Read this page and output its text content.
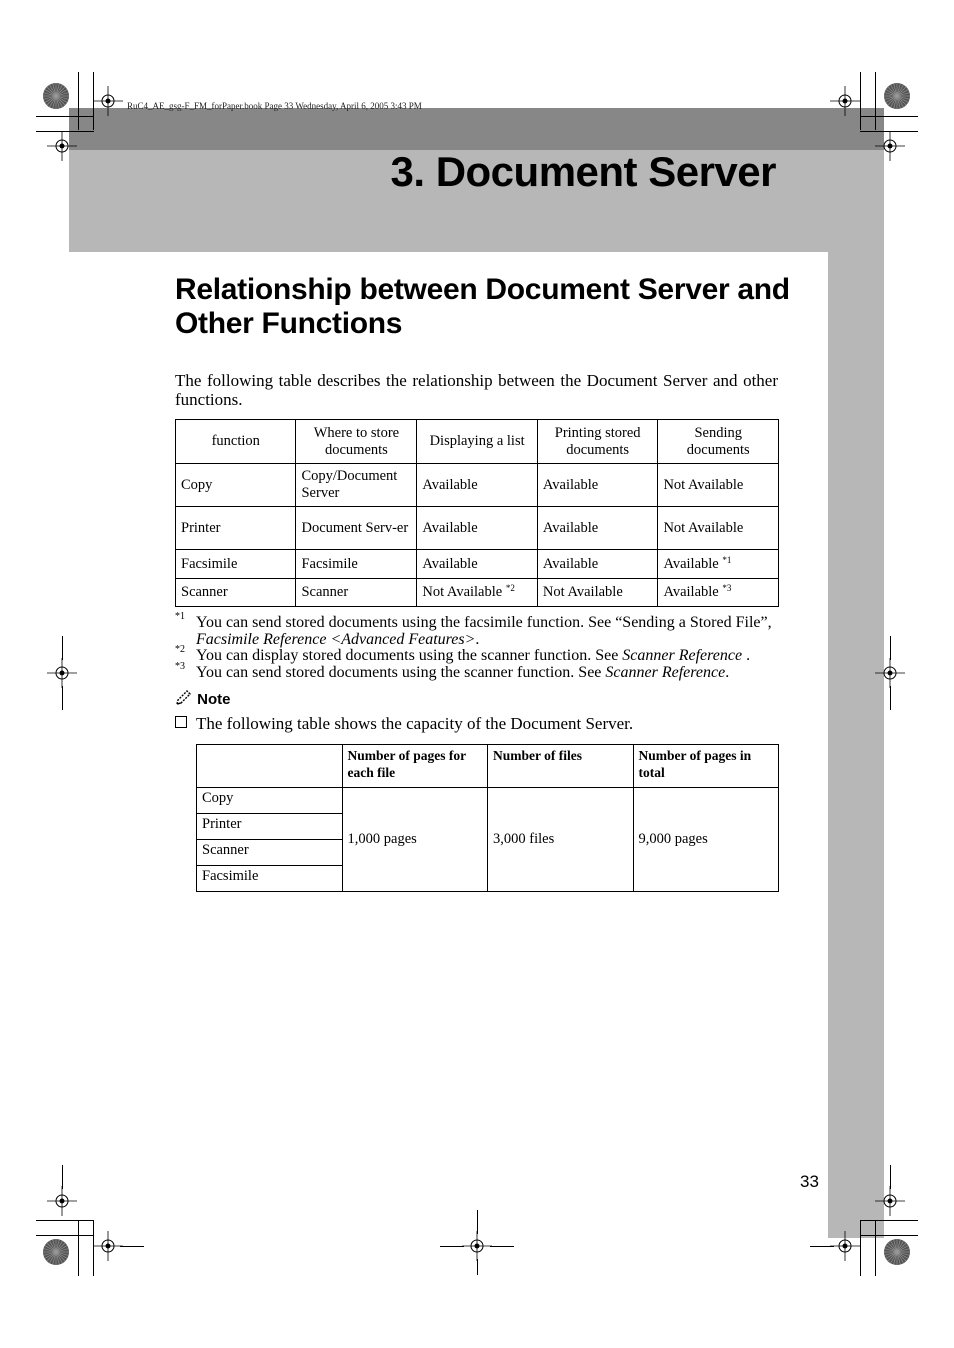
RuC4_AE_gsg-F_FM_forPaper.book Page 33 Wednesday, April 6, 2005 3:43 PM
3. Document Server
Relationship between Document Server and Other Functions
The following table describes the relationship between the Document Server and other functions.
function	Where to store documents	Displaying a list	Printing stored documents	Sending documents
Copy	Copy/Document Server	Available	Available	Not Available
Printer	Document Serv-er	Available	Available	Not Available
Facsimile	Facsimile	Available	Available	Available $^{*1}$
Scanner	Scanner	Not Available $^{*2}$	Not Available	Available $^{*3}$
*1 You can send stored documents using the facsimile function. See “Sending a Stored File”, Facsimile Reference <Advanced Features>.
*2 You can display stored documents using the scanner function. See Scanner Reference .
*3 You can send stored documents using the scanner function. See Scanner Reference.
Note
The following table shows the capacity of the Document Server.
	Number of pages for each file	Number of files	Number of pages in total
Copy	1,000 pages	3,000 files	9,000 pages
Printer			
Scanner			
Facsimile			
33
